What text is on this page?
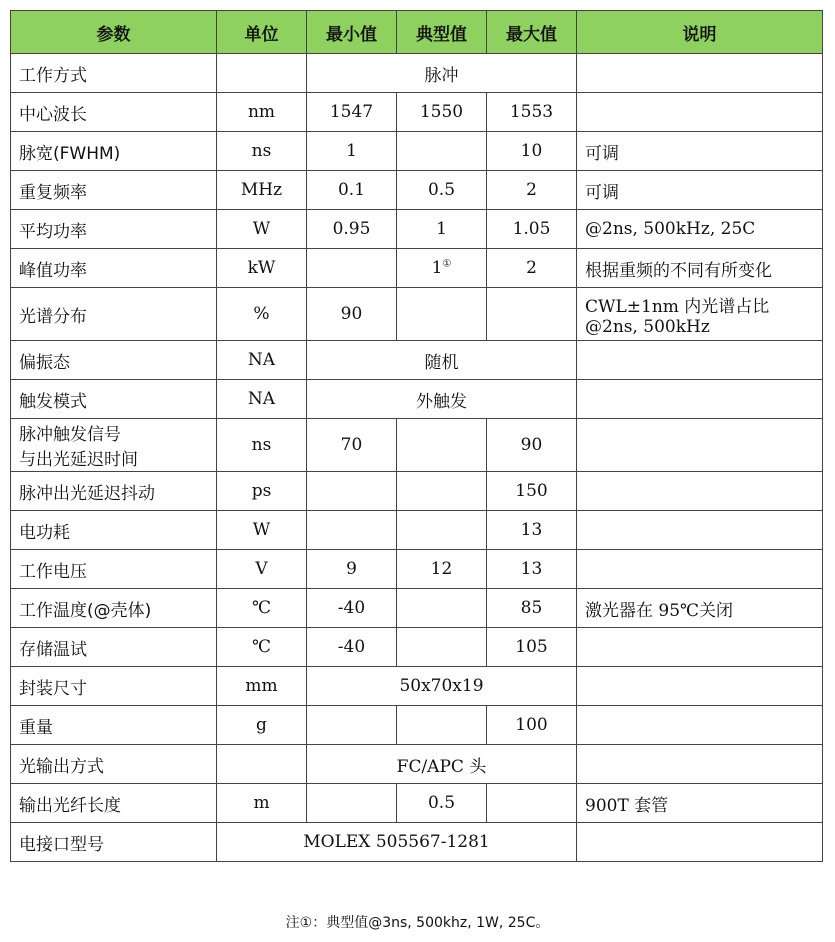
参数	单位	最小值	典型值	最大值	说明
工作方式		脉冲			
中心波长	nm	1547	1550	1553	
脉宽(FWHM)	ns	1		10	可调
重复频率	MHz	0.1	0.5	2	可调
平均功率	W	0.95	1	1.05	@2ns, 500kHz, 25C
峰值功率	kW		1①	2	根据重频的不同有所变化
光谱分布	%	90			CWL±1nm 内光谱占比
@2ns, 500kHz

偏振态	NA	随机			
触发模式	NA	外触发			

脉冲触发信号
与出光延迟时间	ns	70		90	
脉冲出光延迟抖动	ps			150	
电功耗	W			13	
工作电压	V	9	12	13	
工作温度(@壳体)	℃	-40		85	激光器在 95℃关闭
存储温试	℃	-40		105	
封装尺寸	mm	50x70x19			
重量	g			100	
光输出方式		FC/APC 头			
输出光纤长度	m		0.5		900T 套管
电接口型号	MOLEX 505567-1281				
注①：典型值@3ns, 500khz, 1W, 25C。
